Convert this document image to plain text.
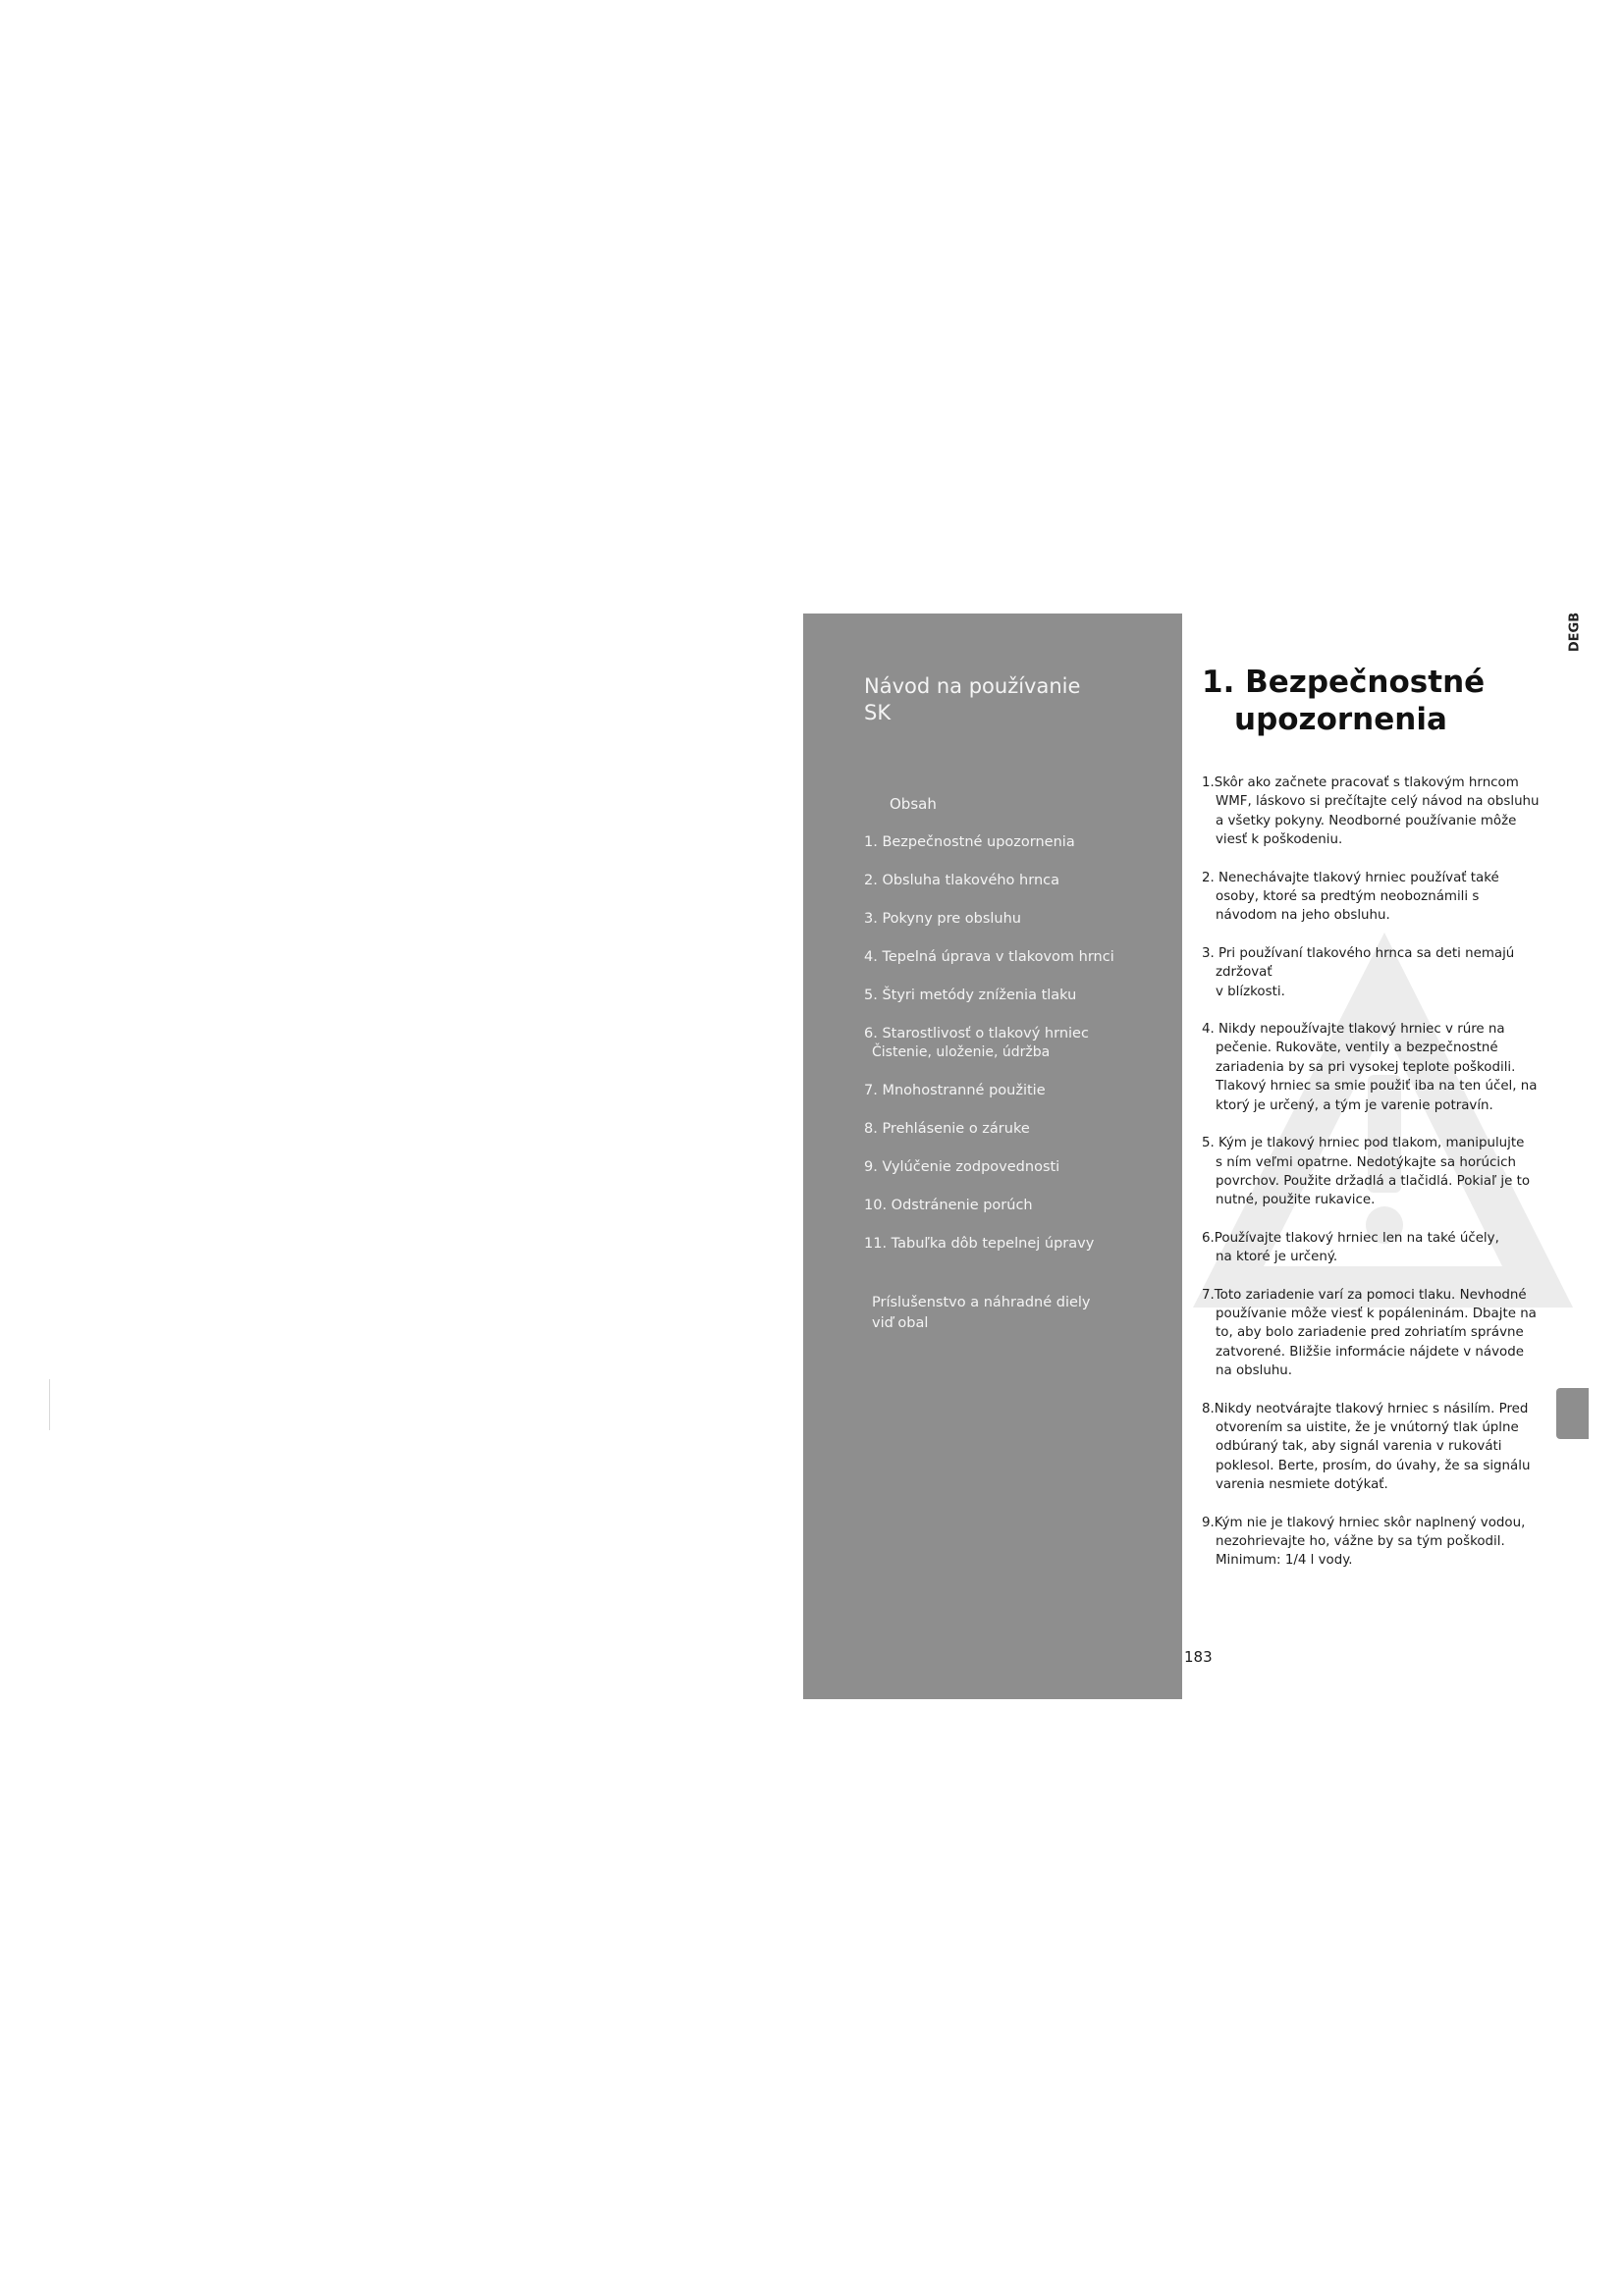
Návod na používanie
SK
Obsah
1. Bezpečnostné upozornenia
2. Obsluha tlakového hrnca
3. Pokyny pre obsluhu
4. Tepelná úprava v tlakovom hrnci
5. Štyri metódy zníženia tlaku
6. Starostlivosť o tlakový hrniec
Čistenie, uloženie, údržba
7. Mnohostranné použitie
8. Prehlásenie o záruke
9. Vylúčenie zodpovednosti
10. Odstránenie porúch
11. Tabuľka dôb tepelnej úpravy
Príslušenstvo a náhradné diely
viď obal
DEGB
1. Bezpečnostné
upozornenia
1.Skôr ako začnete pracovať s tlakovým hrncom
WMF, láskovo si prečítajte celý návod na obsluhu
a všetky pokyny. Neodborné používanie môže
viesť k poškodeniu.
2. Nenechávajte tlakový hrniec používať také
osoby, ktoré sa predtým neoboznámili s
návodom na jeho obsluhu.
3. Pri používaní tlakového hrnca sa deti nemajú
zdržovať
v blízkosti.
4. Nikdy nepoužívajte tlakový hrniec v rúre na
pečenie. Rukoväte, ventily a bezpečnostné
zariadenia by sa pri vysokej teplote poškodili.
Tlakový hrniec sa smie použiť iba na ten účel, na
ktorý je určený, a tým je varenie potravín.
5. Kým je tlakový hrniec pod tlakom, manipulujte
s ním veľmi opatrne. Nedotýkajte sa horúcich
povrchov. Použite držadlá a tlačidlá. Pokiaľ je to
nutné, použite rukavice.
6.Používajte tlakový hrniec len na také účely,
na ktoré je určený.
7.Toto zariadenie varí za pomoci tlaku. Nevhodné
používanie môže viesť k popáleninám. Dbajte na
to, aby bolo zariadenie pred zohriatím správne
zatvorené. Bližšie informácie nájdete v návode
na obsluhu.
8.Nikdy neotvárajte tlakový hrniec s násilím. Pred
otvorením sa uistite, že je vnútorný tlak úplne
odbúraný tak, aby signál varenia v rukováti
poklesol. Berte, prosím, do úvahy, že sa signálu
varenia nesmiete dotýkať.
9.Kým nie je tlakový hrniec skôr naplnený vodou,
nezohrievajte ho, vážne by sa tým poškodil.
Minimum: 1/4 l vody.
183
